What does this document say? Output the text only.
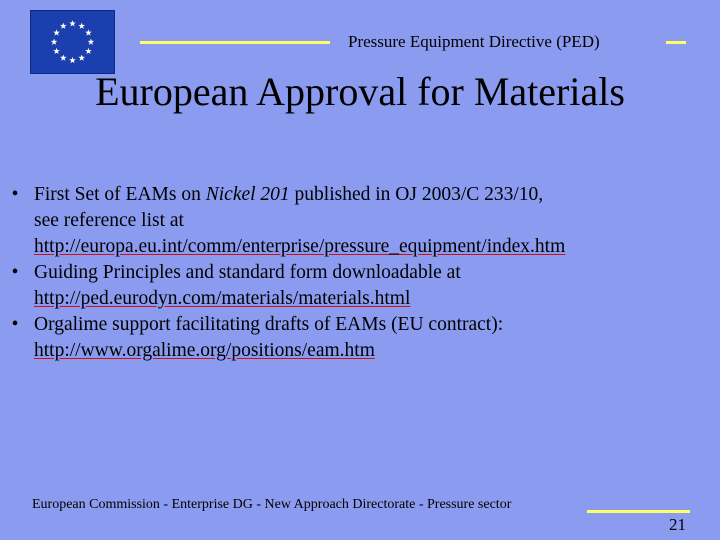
Pressure Equipment Directive (PED)
European Approval for Materials
• First Set of EAMs on Nickel 201 published in OJ 2003/C 233/10,
see reference list at
http://europa.eu.int/comm/enterprise/pressure_equipment/index.htm
• Guiding Principles and standard form downloadable at
http://ped.eurodyn.com/materials/materials.html
• Orgalime support facilitating drafts of EAMs (EU contract):
http://www.orgalime.org/positions/eam.htm
European Commission - Enterprise DG - New Approach Directorate - Pressure sector
21
